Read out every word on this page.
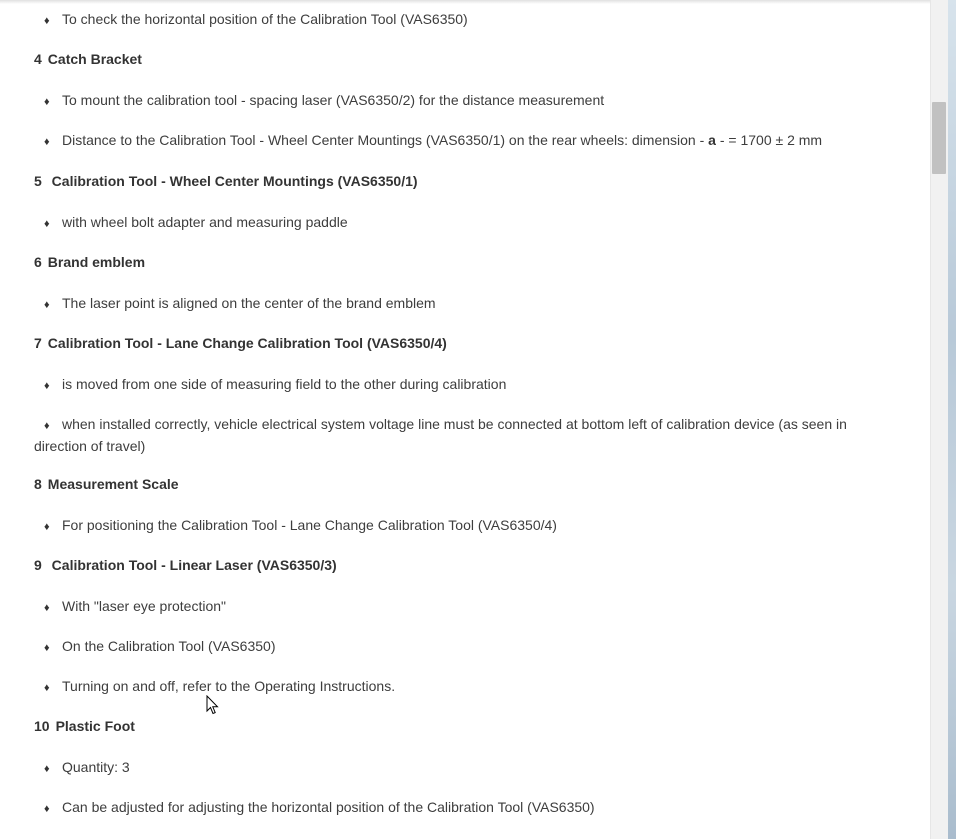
♦ To check the horizontal position of the Calibration Tool (VAS6350)
4 Catch Bracket
♦ To mount the calibration tool - spacing laser (VAS6350/2) for the distance measurement
♦ Distance to the Calibration Tool - Wheel Center Mountings (VAS6350/1) on the rear wheels: dimension - a - = 1700 ± 2 mm
5 Calibration Tool - Wheel Center Mountings (VAS6350/1)
♦ with wheel bolt adapter and measuring paddle
6 Brand emblem
♦ The laser point is aligned on the center of the brand emblem
7 Calibration Tool - Lane Change Calibration Tool (VAS6350/4)
♦ is moved from one side of measuring field to the other during calibration
♦ when installed correctly, vehicle electrical system voltage line must be connected at bottom left of calibration device (as seen in direction of travel)
8 Measurement Scale
♦ For positioning the Calibration Tool - Lane Change Calibration Tool (VAS6350/4)
9 Calibration Tool - Linear Laser (VAS6350/3)
♦ With "laser eye protection"
♦ On the Calibration Tool (VAS6350)
♦ Turning on and off, refer to the Operating Instructions.
10 Plastic Foot
♦ Quantity: 3
♦ Can be adjusted for adjusting the horizontal position of the Calibration Tool (VAS6350)
